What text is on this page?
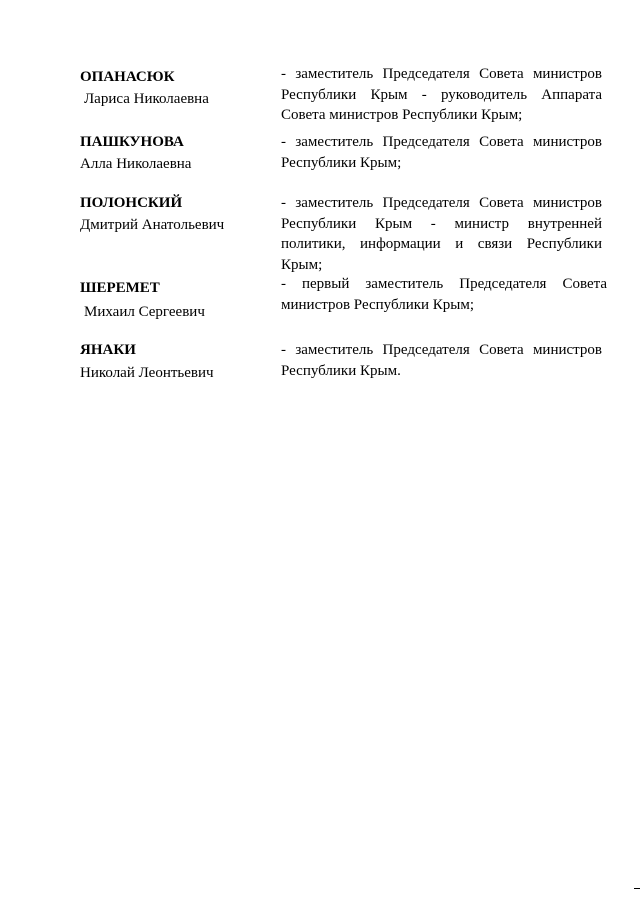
ОПАНАСЮК
Лариса Николаевна
- заместитель Председателя Совета министров Республики Крым - руководитель Аппарата Совета министров Республики Крым;
ПАШКУНОВА
Алла Николаевна
- заместитель Председателя Совета министров Республики Крым;
ПОЛОНСКИЙ
Дмитрий Анатольевич
- заместитель Председателя Совета министров Республики Крым - министр внутренней политики, информации и связи Республики Крым;
ШЕРЕМЕТ
Михаил Сергеевич
- первый заместитель Председателя Совета министров Республики Крым;
ЯНАКИ
Николай Леонтьевич
- заместитель Председателя Совета министров Республики Крым.
